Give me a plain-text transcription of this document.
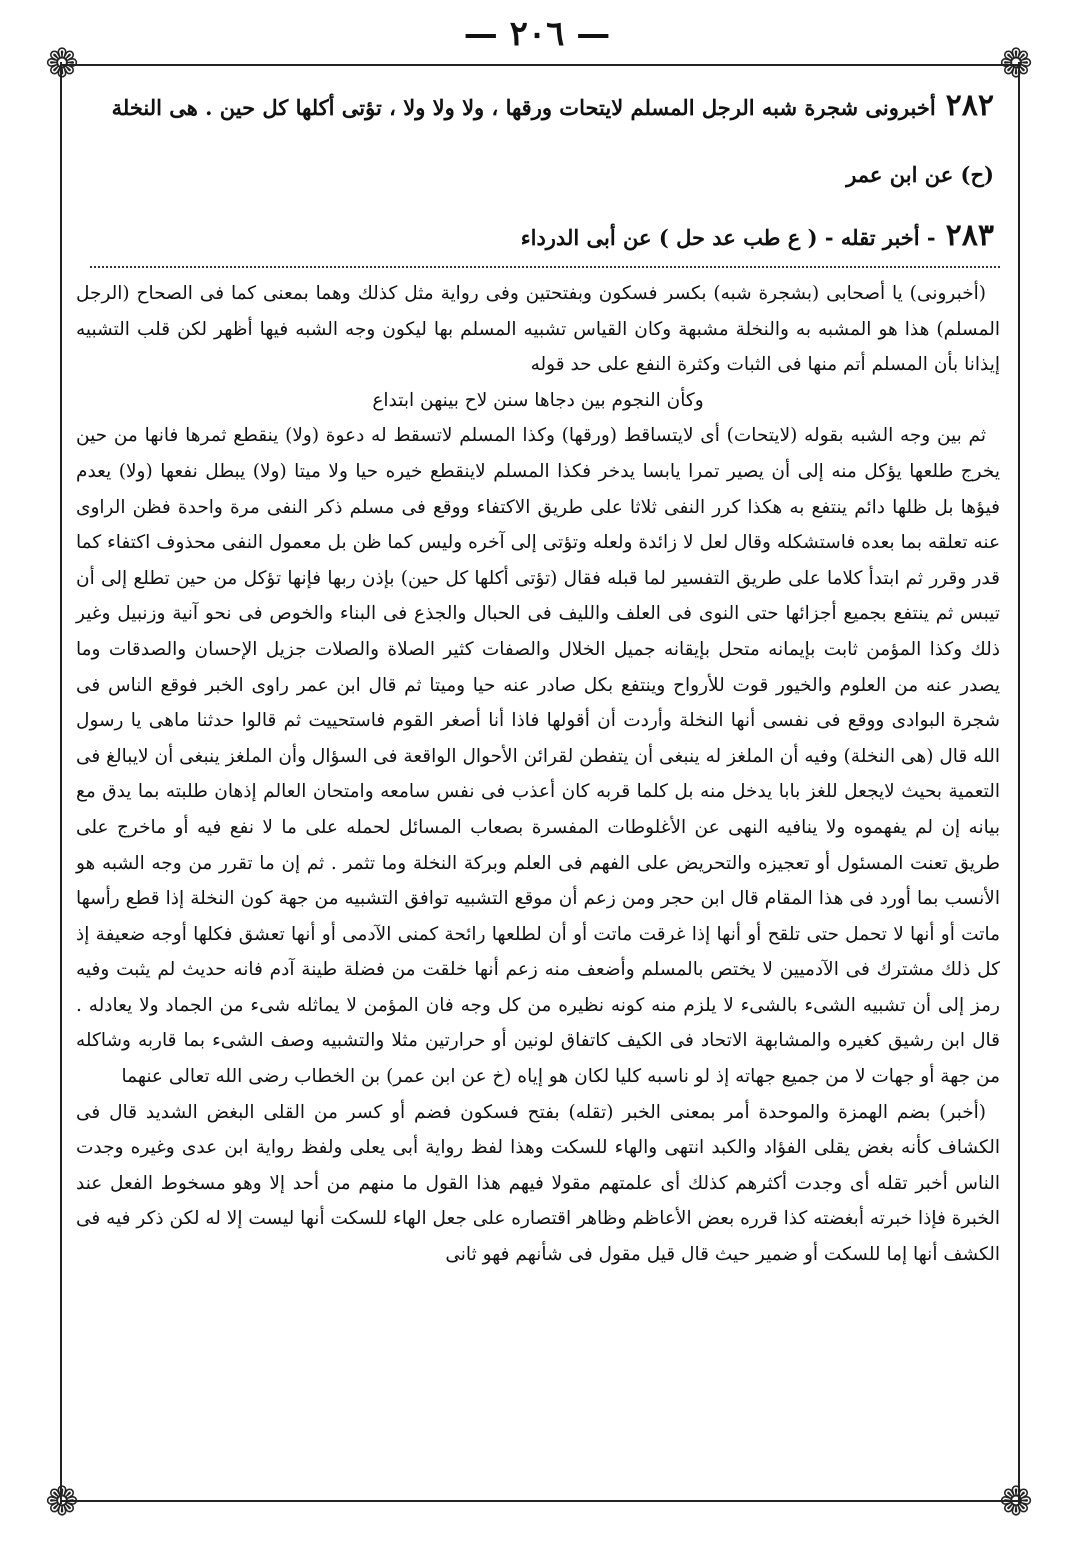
— ٢٠٦ —
❁	❁
❁	❁
٢٨٢أخبرونى شجرة شبه الرجل المسلم لايتحات ورقها ، ولا ولا ولا ، تؤتى أكلها كل حين . هى النخلة
(ح) عن ابن عمر
٢٨٣- أخبر تقله - ( ع طب عد حل ) عن أبى الدرداء

(أخبرونى) يا أصحابى (بشجرة شبه) بكسر فسكون وبفتحتين وفى رواية مثل كذلك وهما بمعنى كما فى الصحاح (الرجل المسلم) هذا هو المشبه به والنخلة مشبهة وكان القياس تشبيه المسلم بها ليكون وجه الشبه فيها أظهر لكن قلب التشبيه إيذانا بأن المسلم أتم منها فى الثبات وكثرة النفع على حد قوله

وكأن النجوم بين دجاها سنن لاح بينهن ابتداع

ثم بين وجه الشبه بقوله (لايتحات) أى لايتساقط (ورقها) وكذا المسلم لاتسقط له دعوة (ولا) ينقطع ثمرها فانها من حين يخرج طلعها يؤكل منه إلى أن يصير تمرا يابسا يدخر فكذا المسلم لاينقطع خيره حيا ولا ميتا (ولا) يبطل نفعها (ولا) يعدم فيؤها بل ظلها دائم ينتفع به هكذا كرر النفى ثلاثا على طريق الاكتفاء ووقع فى مسلم ذكر النفى مرة واحدة فظن الراوى عنه تعلقه بما بعده فاستشكله وقال لعل لا زائدة ولعله وتؤتى إلى آخره وليس كما ظن بل معمول النفى محذوف اكتفاء كما قدر وقرر ثم ابتدأ كلاما على طريق التفسير لما قبله فقال (تؤتى أكلها كل حين) بإذن ربها فإنها تؤكل من حين تطلع إلى أن تيبس ثم ينتفع بجميع أجزائها حتى النوى فى العلف والليف فى الحبال والجذع فى البناء والخوص فى نحو آنية وزنبيل وغير ذلك وكذا المؤمن ثابت بإيمانه متحل بإيقانه جميل الخلال والصفات كثير الصلاة والصلات جزيل الإحسان والصدقات وما يصدر عنه من العلوم والخيور قوت للأرواح وينتفع بكل صادر عنه حيا وميتا ثم قال ابن عمر راوى الخبر فوقع الناس فى شجرة البوادى ووقع فى نفسى أنها النخلة وأردت أن أقولها فاذا أنا أصغر القوم فاستحييت ثم قالوا حدثنا ماهى يا رسول الله قال (هى النخلة) وفيه أن الملغز له ينبغى أن يتفطن لقرائن الأحوال الواقعة فى السؤال وأن الملغز ينبغى أن لايبالغ فى التعمية بحيث لايجعل للغز بابا يدخل منه بل كلما قربه كان أعذب فى نفس سامعه وامتحان العالم إذهان طلبته بما يدق مع بيانه إن لم يفهموه ولا ينافيه النهى عن الأغلوطات المفسرة بصعاب المسائل لحمله على ما لا نفع فيه أو ماخرج على طريق تعنت المسئول أو تعجيزه والتحريض على الفهم فى العلم وبركة النخلة وما تثمر . ثم إن ما تقرر من وجه الشبه هو الأنسب بما أورد فى هذا المقام قال ابن حجر ومن زعم أن موقع التشبيه توافق التشبيه من جهة كون النخلة إذا قطع رأسها ماتت أو أنها لا تحمل حتى تلقح أو أنها إذا غرقت ماتت أو أن لطلعها رائحة كمنى الآدمى أو أنها تعشق فكلها أوجه ضعيفة إذ كل ذلك مشترك فى الآدميين لا يختص بالمسلم وأضعف منه زعم أنها خلقت من فضلة طينة آدم فانه حديث لم يثبت وفيه رمز إلى أن تشبيه الشىء بالشىء لا يلزم منه كونه نظيره من كل وجه فان المؤمن لا يماثله شىء من الجماد ولا يعادله . قال ابن رشيق كغيره والمشابهة الاتحاد فى الكيف كاتفاق لونين أو حرارتين مثلا والتشبيه وصف الشىء بما قاربه وشاكله من جهة أو جهات لا من جميع جهاته إذ لو ناسبه كليا لكان هو إياه (خ عن ابن عمر) بن الخطاب رضى الله تعالى عنهما

(أخبر) بضم الهمزة والموحدة أمر بمعنى الخبر (تقله) بفتح فسكون فضم أو كسر من القلى البغض الشديد قال فى الكشاف كأنه بغض يقلى الفؤاد والكبد انتهى والهاء للسكت وهذا لفظ رواية أبى يعلى ولفظ رواية ابن عدى وغيره وجدت الناس أخبر تقله أى وجدت أكثرهم كذلك أى علمتهم مقولا فيهم هذا القول ما منهم من أحد إلا وهو مسخوط الفعل عند الخبرة فإذا خبرته أبغضته كذا قرره بعض الأعاظم وظاهر اقتصاره على جعل الهاء للسكت أنها ليست إلا له لكن ذكر فيه فى الكشف أنها إما للسكت أو ضمير حيث قال قيل مقول فى شأنهم فهو ثانى
